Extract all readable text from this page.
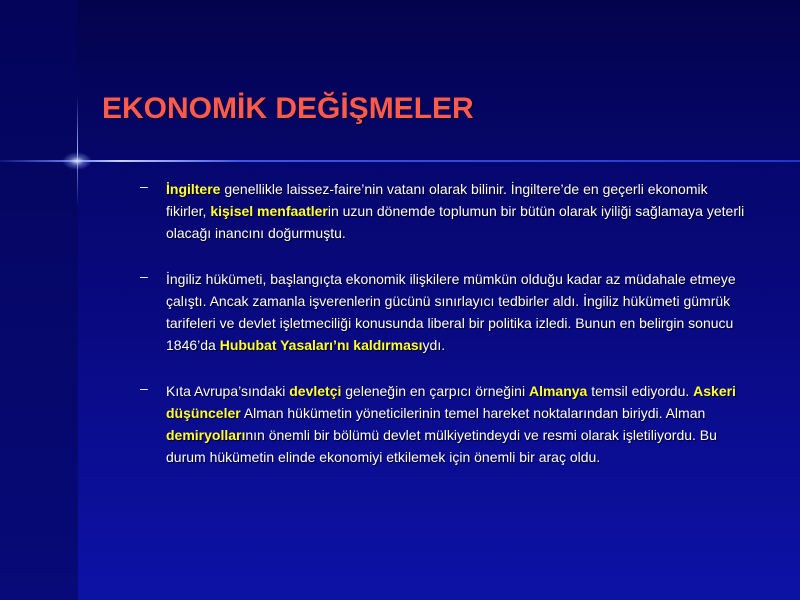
EKONOMİK DEĞİŞMELER
– İngiltere genellikle laissez-faire’nin vatanı olarak bilinir. İngiltere’de en geçerli ekonomik fikirler, kişisel menfaatlerin uzun dönemde toplumun bir bütün olarak iyiliği sağlamaya yeterli olacağı inancını doğurmuştu.

– İngiliz hükümeti, başlangıçta ekonomik ilişkilere mümkün olduğu kadar az müdahale etmeye çalıştı. Ancak zamanla işverenlerin gücünü sınırlayıcı tedbirler aldı. İngiliz hükümeti gümrük tarifeleri ve devlet işletmeciliği konusunda liberal bir politika izledi. Bunun en belirgin sonucu 1846’da Hububat Yasaları’nı kaldırmasıydı.

– Kıta Avrupa’sındaki devletçi geleneğin en çarpıcı örneğini Almanya temsil ediyordu. Askeri düşünceler Alman hükümetin yöneticilerinin temel hareket noktalarından biriydi. Alman demiryollarının önemli bir bölümü devlet mülkiyetindeydi ve resmi olarak işletiliyordu. Bu durum hükümetin elinde ekonomiyi etkilemek için önemli bir araç oldu.
